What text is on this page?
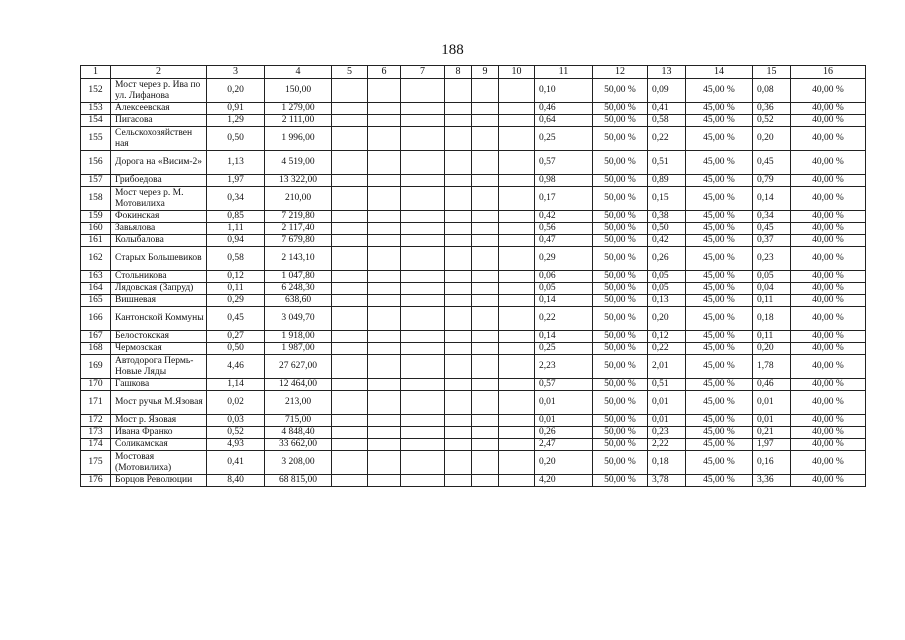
188
1	2	3	4	5	6	7	8	9	10	11	12	13	14	15	16
152	Мост через р. Ива по ул. Лифанова	0,20	150,00							0,10	50,00 %	0,09	45,00 %	0,08	40,00 %
153	Алексеевская	0,91	1 279,00							0,46	50,00 %	0,41	45,00 %	0,36	40,00 %
154	Пигасова	1,29	2 111,00							0,64	50,00 %	0,58	45,00 %	0,52	40,00 %
155	Сельскохозяйствен ная	0,50	1 996,00							0,25	50,00 %	0,22	45,00 %	0,20	40,00 %
156	Дорога на «Висим-2»	1,13	4 519,00							0,57	50,00 %	0,51	45,00 %	0,45	40,00 %
157	Грибоедова	1,97	13 322,00							0,98	50,00 %	0,89	45,00 %	0,79	40,00 %
158	Мост через р. М. Мотовилиха	0,34	210,00							0,17	50,00 %	0,15	45,00 %	0,14	40,00 %
159	Фокинская	0,85	7 219,80							0,42	50,00 %	0,38	45,00 %	0,34	40,00 %
160	Завьялова	1,11	2 117,40							0,56	50,00 %	0,50	45,00 %	0,45	40,00 %
161	Колыбалова	0,94	7 679,80							0,47	50,00 %	0,42	45,00 %	0,37	40,00 %
162	Старых Большевиков	0,58	2 143,10							0,29	50,00 %	0,26	45,00 %	0,23	40,00 %
163	Стольникова	0,12	1 047,80							0,06	50,00 %	0,05	45,00 %	0,05	40,00 %
164	Лядовская (Запруд)	0,11	6 248,30							0,05	50,00 %	0,05	45,00 %	0,04	40,00 %
165	Вишневая	0,29	638,60							0,14	50,00 %	0,13	45,00 %	0,11	40,00 %
166	Кантонской Коммуны	0,45	3 049,70							0,22	50,00 %	0,20	45,00 %	0,18	40,00 %
167	Белостокская	0,27	1 918,00							0,14	50,00 %	0,12	45,00 %	0,11	40,00 %
168	Чермозская	0,50	1 987,00							0,25	50,00 %	0,22	45,00 %	0,20	40,00 %
169	Автодорога Пермь-Новые Ляды	4,46	27 627,00							2,23	50,00 %	2,01	45,00 %	1,78	40,00 %
170	Гашкова	1,14	12 464,00							0,57	50,00 %	0,51	45,00 %	0,46	40,00 %
171	Мост ручья М.Язовая	0,02	213,00							0,01	50,00 %	0,01	45,00 %	0,01	40,00 %
172	Мост р. Язовая	0,03	715,00							0,01	50,00 %	0,01	45,00 %	0,01	40,00 %
173	Ивана Франко	0,52	4 848,40							0,26	50,00 %	0,23	45,00 %	0,21	40,00 %
174	Соликамская	4,93	33 662,00							2,47	50,00 %	2,22	45,00 %	1,97	40,00 %
175	Мостовая (Мотовилиха)	0,41	3 208,00							0,20	50,00 %	0,18	45,00 %	0,16	40,00 %
176	Борцов Революции	8,40	68 815,00							4,20	50,00 %	3,78	45,00 %	3,36	40,00 %
